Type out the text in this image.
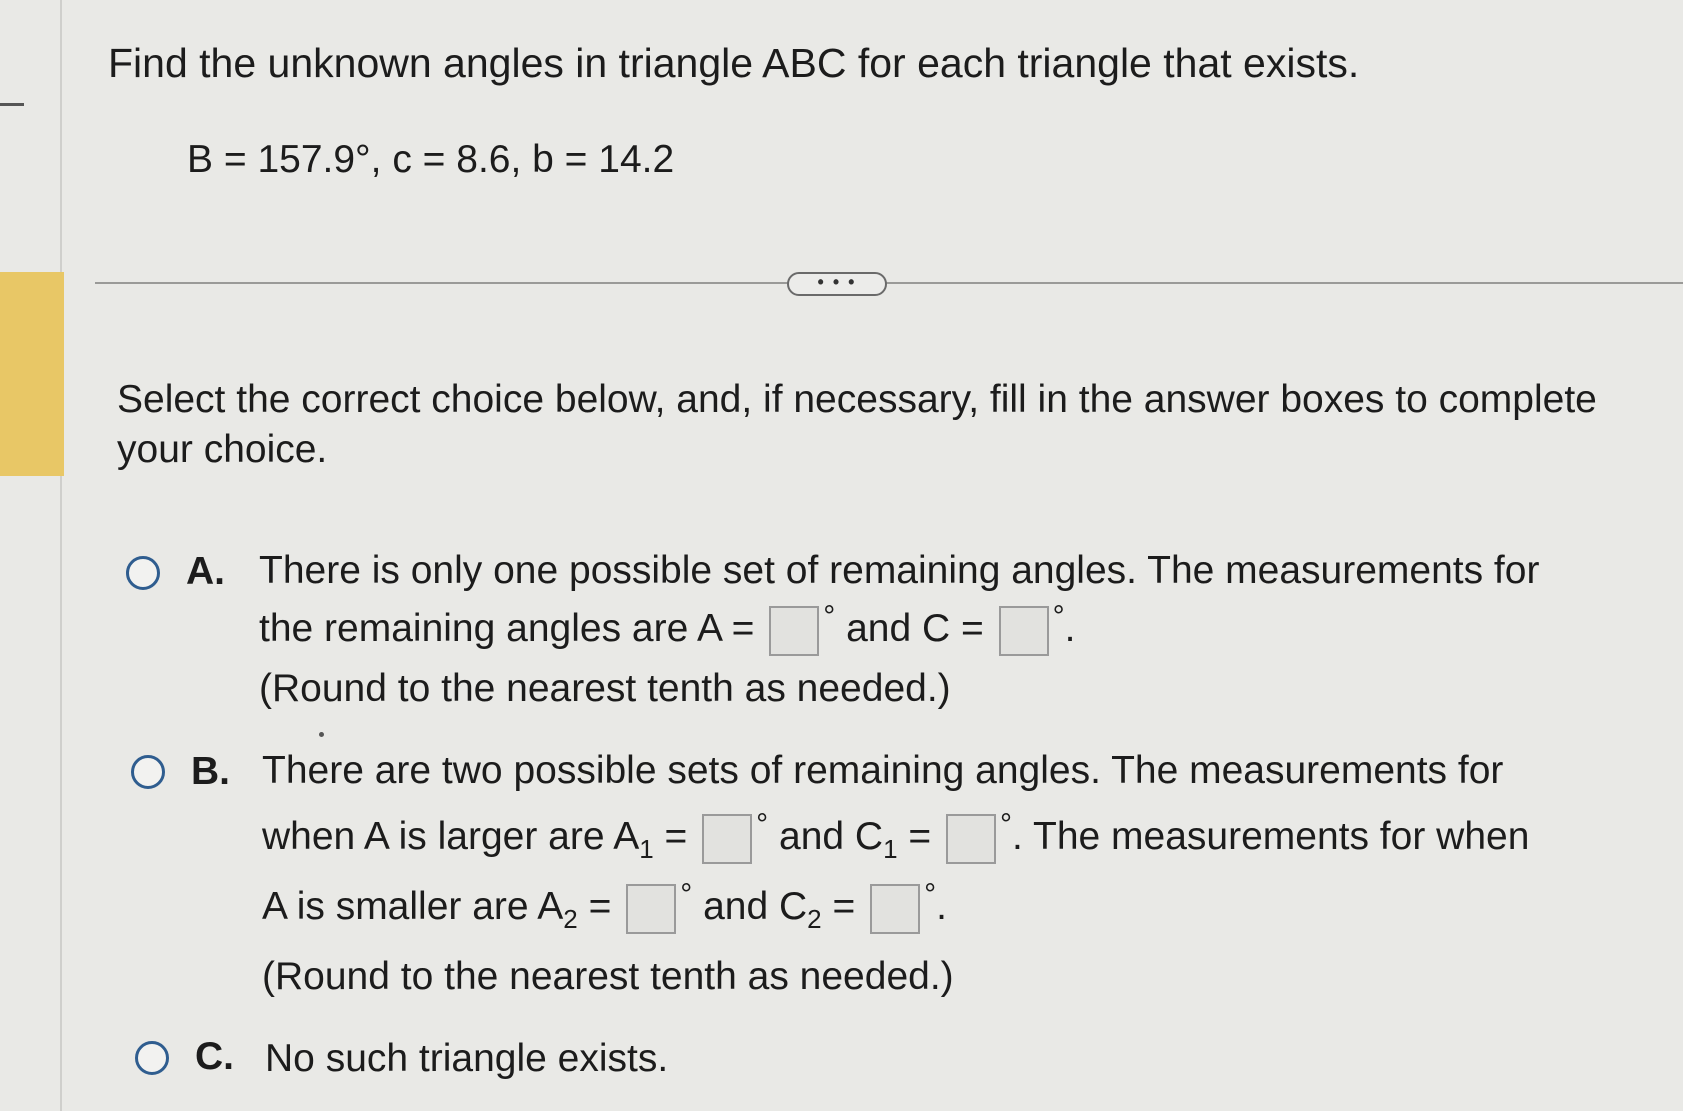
Find the unknown angles in triangle ABC for each triangle that exists.
B = 157.9°, c = 8.6, b = 14.2
• • •
Select the correct choice below, and, if necessary, fill in the answer boxes to complete your choice.
A. There is only one possible set of remaining angles. The measurements for
the remaining angles are A = ° and C = °.
(Round to the nearest tenth as needed.)
B. There are two possible sets of remaining angles. The measurements for
when A is larger are $A_1$ = ° and $C_1$ = °. The measurements for when
A is smaller are $A_2$ = ° and $C_2$ = °.
(Round to the nearest tenth as needed.)
C. No such triangle exists.
